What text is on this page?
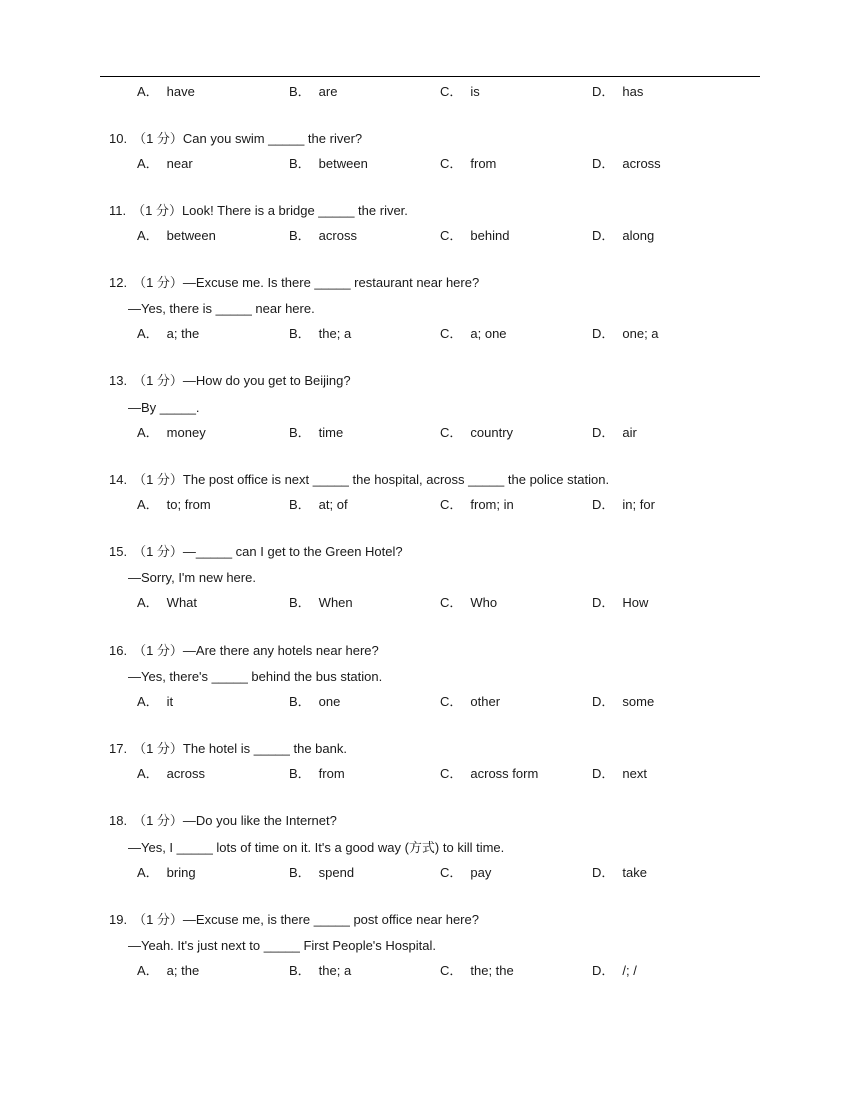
A． have	B． are	C． is	D． has
10. （1 分）Can you swim _____ the river?
A． near	B． between	C． from	D． across
11. （1 分）Look! There is a bridge _____ the river.
A． between	B． across	C． behind	D． along
12. （1 分）—Excuse me. Is there _____ restaurant near here?
—Yes, there is _____ near here.
A． a; the	B． the; a	C． a; one	D． one; a
13. （1 分）—How do you get to Beijing?
—By _____.
A． money	B． time	C． country	D． air
14. （1 分）The post office is next _____ the hospital, across _____ the police station.
A． to; from	B． at; of	C． from; in	D． in; for
15. （1 分）—_____ can I get to the Green Hotel?
—Sorry, I'm new here.
A． What	B． When	C． Who	D． How
16. （1 分）—Are there any hotels near here?
—Yes, there's _____ behind the bus station.
A． it	B． one	C． other	D． some
17. （1 分）The hotel is _____ the bank.
A． across	B． from	C． across form	D． next
18. （1 分）—Do you like the Internet?
—Yes, I _____ lots of time on it. It's a good way (方式) to kill time.
A． bring	B． spend	C． pay	D． take
19. （1 分）—Excuse me, is there _____ post office near here?
—Yeah. It's just next to _____ First People's Hospital.
A． a; the	B． the; a	C． the; the	D． /; /
